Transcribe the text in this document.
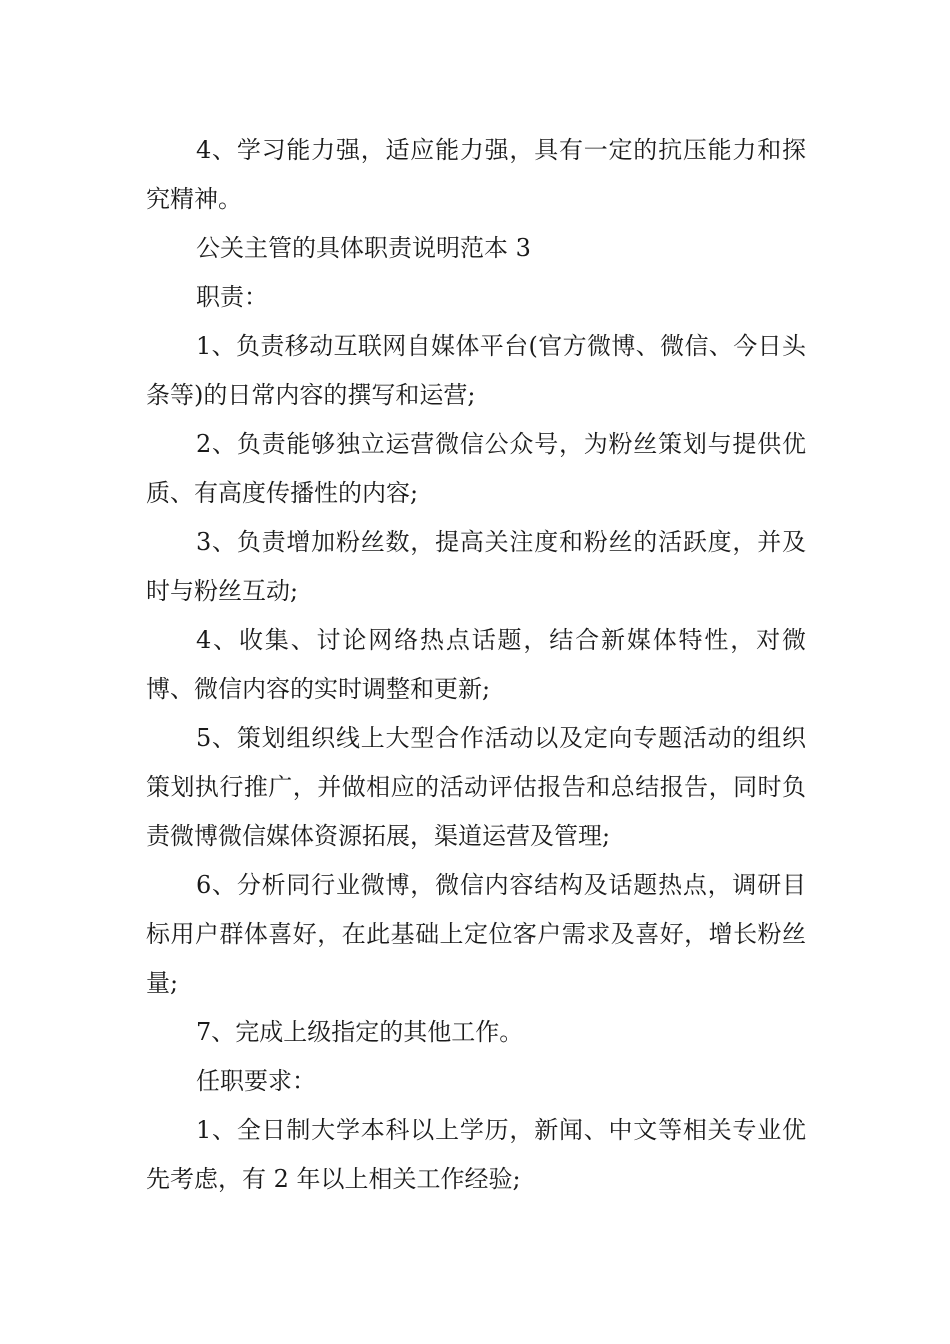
4、学习能力强，适应能力强，具有一定的抗压能力和探究精神。

公关主管的具体职责说明范本 3

职责：

1、负责移动互联网自媒体平台(官方微博、微信、今日头条等)的日常内容的撰写和运营;

2、负责能够独立运营微信公众号，为粉丝策划与提供优质、有高度传播性的内容;

3、负责增加粉丝数，提高关注度和粉丝的活跃度，并及时与粉丝互动;

4、收集、讨论网络热点话题，结合新媒体特性，对微博、微信内容的实时调整和更新;

5、策划组织线上大型合作活动以及定向专题活动的组织策划执行推广，并做相应的活动评估报告和总结报告，同时负责微博微信媒体资源拓展，渠道运营及管理;

6、分析同行业微博，微信内容结构及话题热点，调研目标用户群体喜好，在此基础上定位客户需求及喜好，增长粉丝量;

7、完成上级指定的其他工作。

任职要求：

1、全日制大学本科以上学历，新闻、中文等相关专业优先考虑，有 2 年以上相关工作经验;
